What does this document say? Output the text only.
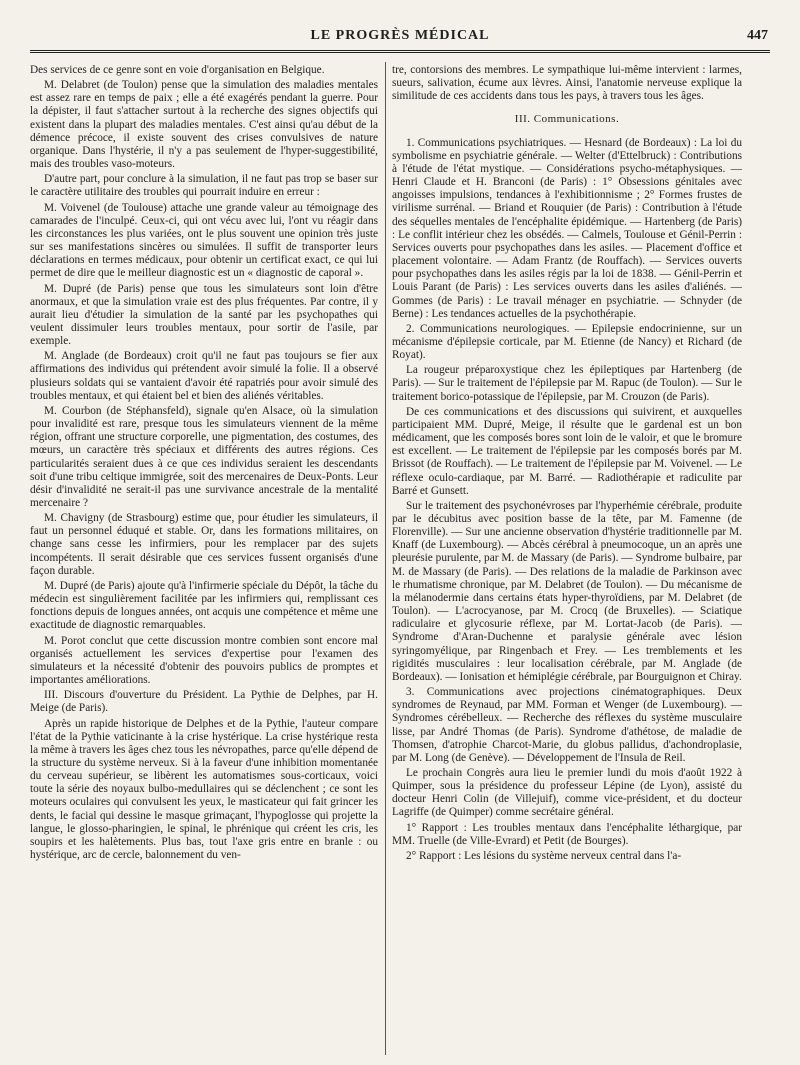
LE PROGRÈS MÉDICAL	447

Des services de ce genre sont en voie d'organisation en Belgique.

M. Delabret (de Toulon) pense que la simulation des maladies mentales est assez rare en temps de paix ; elle a été exagérés pendant la guerre. Pour la dépister, il faut s'attacher surtout à la recherche des signes objectifs qui existent dans la plupart des maladies mentales. C'est ainsi qu'au début de la démence précoce, il existe souvent des crises convulsives de nature organique. Dans l'hystérie, il n'y a pas seulement de l'hyper-suggestibilité, mais des troubles vaso-moteurs.

D'autre part, pour conclure à la simulation, il ne faut pas trop se baser sur le caractère utilitaire des troubles qui pourrait induire en erreur :

M. Voivenel (de Toulouse) attache une grande valeur au témoignage des camarades de l'inculpé. Ceux-ci, qui ont vécu avec lui, l'ont vu réagir dans les circonstances les plus variées, ont le plus souvent une opinion très juste sur ses manifestations sincères ou simulées. Il suffit de transporter leurs déclarations en termes médicaux, pour obtenir un certificat exact, ce qui lui permet de dire que le meilleur diagnostic est un « diagnostic de caporal ».

M. Dupré (de Paris) pense que tous les simulateurs sont loin d'être anormaux, et que la simulation vraie est des plus fréquentes. Par contre, il y aurait lieu d'étudier la simulation de la santé par les psychopathes qui veulent dissimuler leurs troubles mentaux, pour sortir de l'asile, par exemple.

M. Anglade (de Bordeaux) croit qu'il ne faut pas toujours se fier aux affirmations des individus qui prétendent avoir simulé la folie. Il a observé plusieurs soldats qui se vantaient d'avoir été rapatriés pour avoir simulé des troubles mentaux, et qui étaient bel et bien des aliénés véritables.

M. Courbon (de Stéphansfeld), signale qu'en Alsace, où la simulation pour invalidité est rare, presque tous les simulateurs viennent de la même région, offrant une structure corporelle, une pigmentation, des costumes, des mœurs, un caractère très spéciaux et différents des autres régions. Ces particularités seraient dues à ce que ces individus seraient les descendants soit d'une tribu celtique immigrée, soit des mercenaires de Deux-Ponts. Leur désir d'invalidité ne serait-il pas une survivance ancestrale de la mentalité mercenaire ?

M. Chavigny (de Strasbourg) estime que, pour étudier les simulateurs, il faut un personnel éduqué et stable. Or, dans les formations militaires, on change sans cesse les infirmiers, pour les remplacer par des sujets incompétents. Il serait désirable que ces services fussent organisés d'une façon durable.

M. Dupré (de Paris) ajoute qu'à l'infirmerie spéciale du Dépôt, la tâche du médecin est singulièrement facilitée par les infirmiers qui, remplissant ces fonctions depuis de longues années, ont acquis une compétence et même une exactitude de diagnostic remarquables.

M. Porot conclut que cette discussion montre combien sont encore mal organisés actuellement les services d'expertise pour l'examen des simulateurs et la nécessité d'obtenir des pouvoirs publics de promptes et importantes améliorations.

III. Discours d'ouverture du Président. La Pythie de Delphes, par H. Meige (de Paris).

Après un rapide historique de Delphes et de la Pythie, l'auteur compare l'état de la Pythie vaticinante à la crise hystérique. La crise hystérique resta la même à travers les âges chez tous les névropathes, parce qu'elle dépend de la structure du système nerveux. Si à la faveur d'une inhibition momentanée du cerveau supérieur, se libèrent les automatismes sous-corticaux, voici toute la série des noyaux bulbo-medullaires qui se déclenchent ; ce sont les moteurs oculaires qui convulsent les yeux, le masticateur qui fait grincer les dents, le facial qui dessine le masque grimaçant, l'hypoglosse qui projette la langue, le glosso-pharingien, le spinal, le phrénique qui créent les cris, les soupirs et les halètements. Plus bas, tout l'axe gris entre en branle : ou hystérique, arc de cercle, balonnement du ven-

tre, contorsions des membres. Le sympathique lui-même intervient : larmes, sueurs, salivation, écume aux lèvres. Ainsi, l'anatomie nerveuse explique la similitude de ces accidents dans tous les pays, à travers tous les âges.

III. Communications.

1. Communications psychiatriques. — Hesnard (de Bordeaux) : La loi du symbolisme en psychiatrie générale. — Welter (d'Ettelbruck) : Contributions à l'étude de l'état mystique. — Considérations psycho-métaphysiques. — Henri Claude et H. Branconi (de Paris) : 1° Obsessions génitales avec angoisses impulsions, tendances à l'exhibitionnisme ; 2° Formes frustes de virilisme surrénal. — Briand et Rouquier (de Paris) : Contribution à l'étude des séquelles mentales de l'encéphalite épidémique. — Hartenberg (de Paris) : Le conflit intérieur chez les obsédés. — Calmels, Toulouse et Génil-Perrin : Services ouverts pour psychopathes dans les asiles. — Placement d'office et placement volontaire. — Adam Frantz (de Rouffach). — Services ouverts pour psychopathes dans les asiles régis par la loi de 1838. — Génil-Perrin et Louis Parant (de Paris) : Les services ouverts dans les asiles d'aliénés. — Gommes (de Paris) : Le travail ménager en psychiatrie. — Schnyder (de Berne) : Les tendances actuelles de la psychothérapie.

2. Communications neurologiques. — Epilepsie endocrinienne, sur un mécanisme d'épilepsie corticale, par M. Etienne (de Nancy) et Richard (de Royat).

La rougeur préparoxystique chez les épileptiques par Hartenberg (de Paris). — Sur le traitement de l'épilepsie par M. Rapuc (de Toulon). — Sur le traitement borico-potassique de l'épilepsie, par M. Crouzon (de Paris).

De ces communications et des discussions qui suivirent, et auxquelles participaient MM. Dupré, Meige, il résulte que le gardenal est un bon médicament, que les composés bores sont loin de le valoir, et que le bromure est excellent. — Le traitement de l'épilepsie par les composés borés par M. Brissot (de Rouffach). — Le traitement de l'épilepsie par M. Voivenel. — Le réflexe oculo-cardiaque, par M. Barré. — Radiothérapie et radiculite par Barré et Gunsett.

Sur le traitement des psychonévroses par l'hyperhémie cérébrale, produite par le décubitus avec position basse de la tête, par M. Famenne (de Florenville). — Sur une ancienne observation d'hystérie traditionnelle par M. Knaff (de Luxembourg). — Abcès cérébral à pneumocoque, un an après une pleurésie purulente, par M. de Massary (de Paris). — Syndrome bulbaire, par M. de Massary (de Paris). — Des relations de la maladie de Parkinson avec le rhumatisme chronique, par M. Delabret (de Toulon). — Du mécanisme de la mélanodermie dans certains états hyper-thyroïdiens, par M. Delabret (de Toulon). — L'acrocyanose, par M. Crocq (de Bruxelles). — Sciatique radiculaire et glycosurie réflexe, par M. Lortat-Jacob (de Paris). — Syndrome d'Aran-Duchenne et paralysie générale avec lésion syringomyélique, par Ringenbach et Frey. — Les tremblements et les rigidités musculaires : leur localisation cérébrale, par M. Anglade (de Bordeaux). — Ionisation et hémiplégie cérébrale, par Bourguignon et Chiray.

3. Communications avec projections cinématographiques. Deux syndromes de Reynaud, par MM. Forman et Wenger (de Luxembourg). — Syndromes cérébelleux. — Recherche des réflexes du système musculaire lisse, par André Thomas (de Paris). Syndrome d'athétose, de maladie de Thomsen, d'atrophie Charcot-Marie, du globus pallidus, d'achondroplasie, par M. Long (de Genève). — Développement de l'Insula de Reil.

Le prochain Congrès aura lieu le premier lundi du mois d'août 1922 à Quimper, sous la présidence du professeur Lépine (de Lyon), assisté du docteur Henri Colin (de Villejuif), comme vice-président, et du docteur Lagriffe (de Quimper) comme secrétaire général.

1° Rapport : Les troubles mentaux dans l'encéphalite léthargique, par MM. Truelle (de Ville-Evrard) et Petit (de Bourges).

2° Rapport : Les lésions du système nerveux central dans l'a-
